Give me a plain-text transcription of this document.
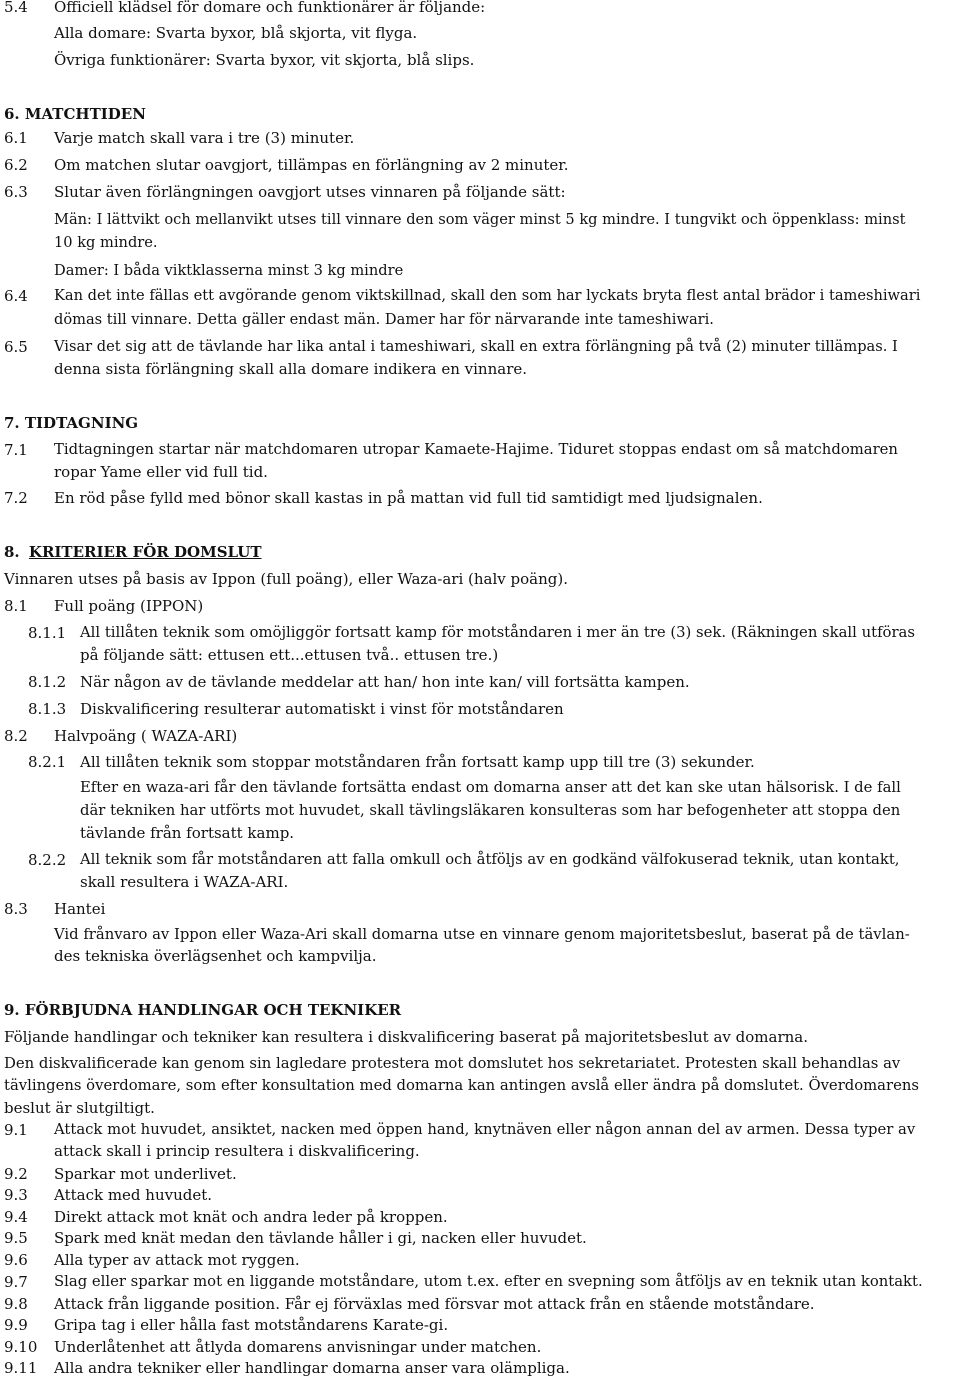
5.4 Officiell klädsel för domare och funktionärer är följande:
Alla domare: Svarta byxor, blå skjorta, vit flyga.
Övriga funktionärer: Svarta byxor, vit skjorta, blå slips.
6. MATCHTIDEN
6.1 Varje match skall vara i tre (3) minuter.
6.2 Om matchen slutar oavgjort, tillämpas en förlängning av 2 minuter.
6.3 Slutar även förlängningen oavgjort utses vinnaren på följande sätt:
Män: I lättvikt och mellanvikt utses till vinnare den som väger minst 5 kg mindre. I tungvikt och öppenklass: minst
10 kg mindre.
Damer: I båda viktklasserna minst 3 kg mindre
6.4 Kan det inte fällas ett avgörande genom viktskillnad, skall den som har lyckats bryta flest antal brädor i tameshiwari
dömas till vinnare. Detta gäller endast män. Damer har för närvarande inte tameshiwari.
6.5 Visar det sig att de tävlande har lika antal i tameshiwari, skall en extra förlängning på två (2) minuter tillämpas. I
denna sista förlängning skall alla domare indikera en vinnare.
7. TIDTAGNING
7.1 Tidtagningen startar när matchdomaren utropar Kamaete-Hajime. Tiduret stoppas endast om så matchdomaren
ropar Yame eller vid full tid.
7.2 En röd påse fylld med bönor skall kastas in på mattan vid full tid samtidigt med ljudsignalen.
8. KRITERIER FÖR DOMSLUT
Vinnaren utses på basis av Ippon (full poäng), eller Waza-ari (halv poäng).
8.1 Full poäng (IPPON)
8.1.1 All tillåten teknik som omöjliggör fortsatt kamp för motståndaren i mer än tre (3) sek. (Räkningen skall utföras
på följande sätt: ettusen ett...ettusen två.. ettusen tre.)
8.1.2 När någon av de tävlande meddelar att han/ hon inte kan/ vill fortsätta kampen.
8.1.3 Diskvalificering resulterar automatiskt i vinst för motståndaren
8.2 Halvpoäng ( WAZA-ARI)
8.2.1 All tillåten teknik som stoppar motståndaren från fortsatt kamp upp till tre (3) sekunder.
Efter en waza-ari får den tävlande fortsätta endast om domarna anser att det kan ske utan hälsorisk. I de fall
där tekniken har utförts mot huvudet, skall tävlingsläkaren konsulteras som har befogenheter att stoppa den
tävlande från fortsatt kamp.
8.2.2 All teknik som får motståndaren att falla omkull och åtföljs av en godkänd välfokuserad teknik, utan kontakt,
skall resultera i WAZA-ARI.
8.3 Hantei
Vid frånvaro av Ippon eller Waza-Ari skall domarna utse en vinnare genom majoritetsbeslut, baserat på de tävlan-
des tekniska överlägsenhet och kampvilja.
9. FÖRBJUDNA HANDLINGAR OCH TEKNIKER
Följande handlingar och tekniker kan resultera i diskvalificering baserat på majoritetsbeslut av domarna.
Den diskvalificerade kan genom sin lagledare protestera mot domslutet hos sekretariatet. Protesten skall behandlas av
tävlingens överdomare, som efter konsultation med domarna kan antingen avslå eller ändra på domslutet. Överdomarens
beslut är slutgiltigt.
9.1 Attack mot huvudet, ansiktet, nacken med öppen hand, knytnäven eller någon annan del av armen. Dessa typer av
attack skall i princip resultera i diskvalificering.
9.2 Sparkar mot underlivet.
9.3 Attack med huvudet.
9.4 Direkt attack mot knät och andra leder på kroppen.
9.5 Spark med knät medan den tävlande håller i gi, nacken eller huvudet.
9.6 Alla typer av attack mot ryggen.
9.7 Slag eller sparkar mot en liggande motståndare, utom t.ex. efter en svepning som åtföljs av en teknik utan kontakt.
9.8 Attack från liggande position. Får ej förväxlas med försvar mot attack från en stående motståndare.
9.9 Gripa tag i eller hålla fast motståndarens Karate-gi.
9.10 Underlåtenhet att åtlyda domarens anvisningar under matchen.
9.11 Alla andra tekniker eller handlingar domarna anser vara olämpliga.
